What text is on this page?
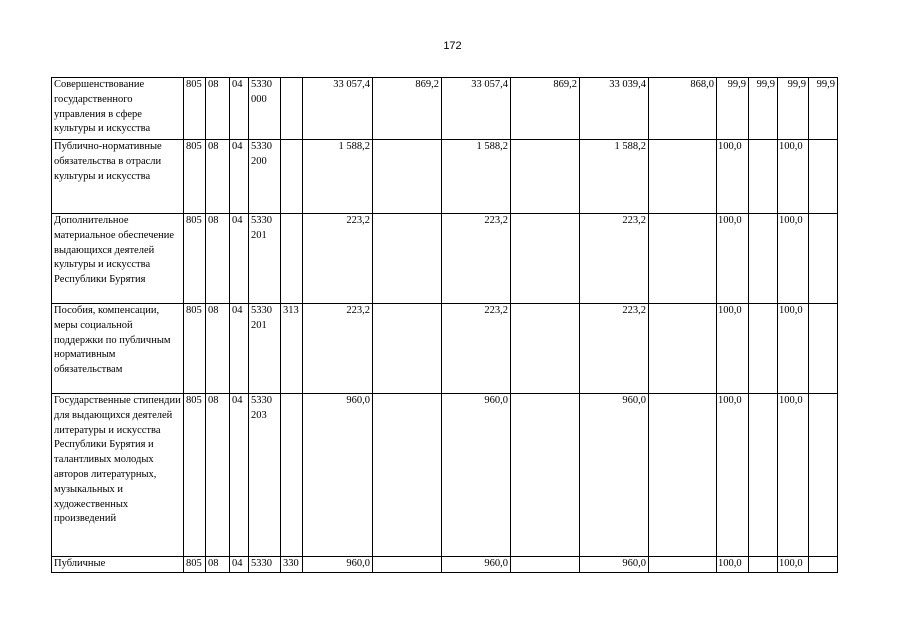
172
Совершенствование государственного управления в сфере культуры и искусства	805	08	04	5330 000		33 057,4	869,2	33 057,4	869,2	33 039,4	868,0	99,9	99,9	99,9	99,9
Публично-нормативные обязательства в отрасли культуры и искусства	805	08	04	5330 200		1 588,2		1 588,2		1 588,2		100,0		100,0	
Дополнительное материальное обеспечение выдающихся деятелей культуры и искусства Республики Бурятия	805	08	04	5330 201		223,2		223,2		223,2		100,0		100,0	
Пособия, компенсации, меры социальной поддержки по публичным нормативным обязательствам	805	08	04	5330 201	313	223,2		223,2		223,2		100,0		100,0	
Государственные стипендии для выдающихся деятелей литературы и искусства Республики Бурятия и талантливых молодых авторов литературных, музыкальных и художественных произведений	805	08	04	5330 203		960,0		960,0		960,0		100,0		100,0	
Публичные	805	08	04	5330	330	960,0		960,0		960,0		100,0		100,0	
